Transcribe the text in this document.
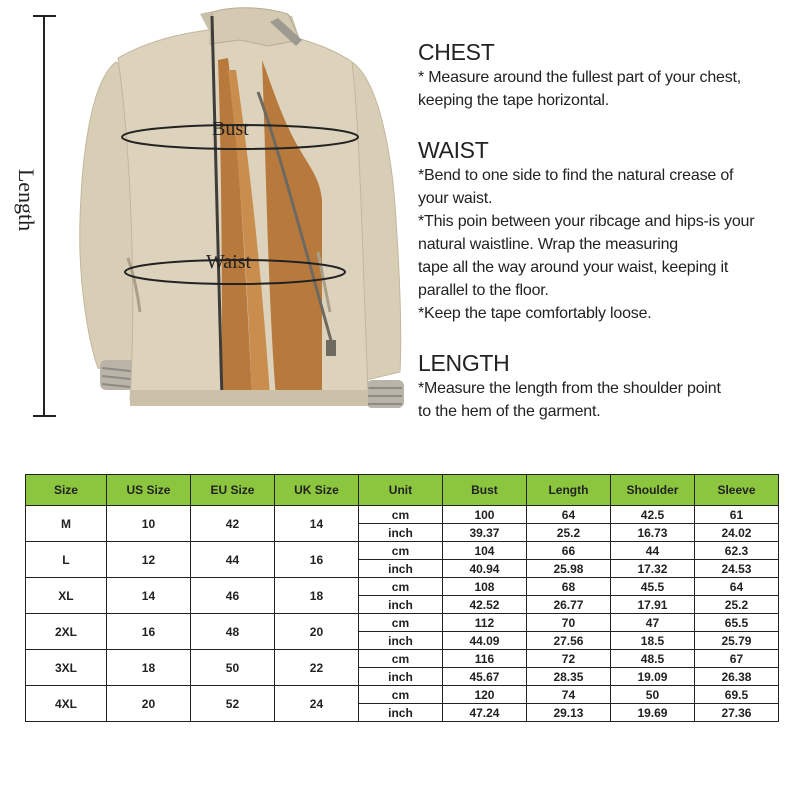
Length
Bust
Waist

CHEST

* Measure around the fullest part of your chest,

keeping the tape horizontal.

WAIST

*Bend to one side to find the natural crease of

your waist.

*This poin between your ribcage and hips-is your

natural waistline. Wrap the measuring

tape all the way around your waist, keeping it

parallel to the floor.

*Keep the tape comfortably loose.

LENGTH

*Measure the length from the shoulder point

to the hem of the garment.

Size	US Size	EU Size	UK Size	Unit	Bust	Length	Shoulder	Sleeve
M	10	42	14	cm	100	64	42.5	61
				inch	39.37	25.2	16.73	24.02
L	12	44	16	cm	104	66	44	62.3
				inch	40.94	25.98	17.32	24.53
XL	14	46	18	cm	108	68	45.5	64
				inch	42.52	26.77	17.91	25.2
2XL	16	48	20	cm	112	70	47	65.5
				inch	44.09	27.56	18.5	25.79
3XL	18	50	22	cm	116	72	48.5	67
				inch	45.67	28.35	19.09	26.38
4XL	20	52	24	cm	120	74	50	69.5
				inch	47.24	29.13	19.69	27.36
